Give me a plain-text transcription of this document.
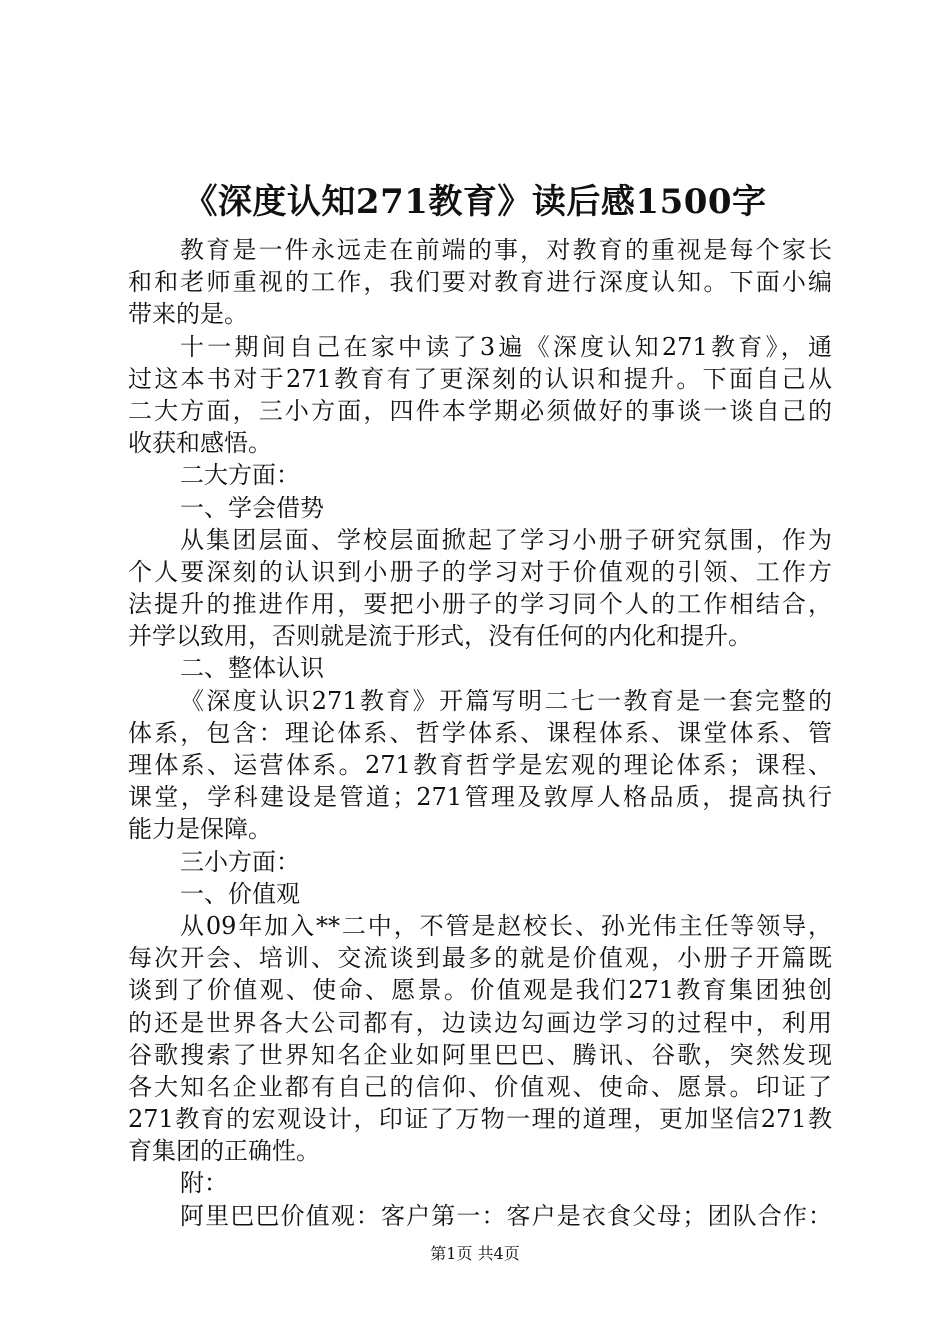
《深度认知271教育》读后感1500字
教育是一件永远走在前端的事，对教育的重视是每个家长
和和老师重视的工作，我们要对教育进行深度认知。下面小编
带来的是。
十一期间自己在家中读了3遍《深度认知271教育》，通
过这本书对于271教育有了更深刻的认识和提升。下面自己从
二大方面，三小方面，四件本学期必须做好的事谈一谈自己的
收获和感悟。
二大方面：
一、学会借势
从集团层面、学校层面掀起了学习小册子研究氛围，作为
个人要深刻的认识到小册子的学习对于价值观的引领、工作方
法提升的推进作用，要把小册子的学习同个人的工作相结合，
并学以致用，否则就是流于形式，没有任何的内化和提升。
二、整体认识
《深度认识271教育》开篇写明二七一教育是一套完整的
体系，包含：理论体系、哲学体系、课程体系、课堂体系、管
理体系、运营体系。271教育哲学是宏观的理论体系；课程、
课堂，学科建设是管道；271管理及敦厚人格品质，提高执行
能力是保障。
三小方面：
一、价值观
从09年加入**二中，不管是赵校长、孙光伟主任等领导，
每次开会、培训、交流谈到最多的就是价值观，小册子开篇既
谈到了价值观、使命、愿景。价值观是我们271教育集团独创
的还是世界各大公司都有，边读边勾画边学习的过程中，利用
谷歌搜索了世界知名企业如阿里巴巴、腾讯、谷歌，突然发现
各大知名企业都有自己的信仰、价值观、使命、愿景。印证了
271教育的宏观设计，印证了万物一理的道理，更加坚信271教
育集团的正确性。
附：
阿里巴巴价值观：客户第一：客户是衣食父母；团队合作：
第1页 共4页
